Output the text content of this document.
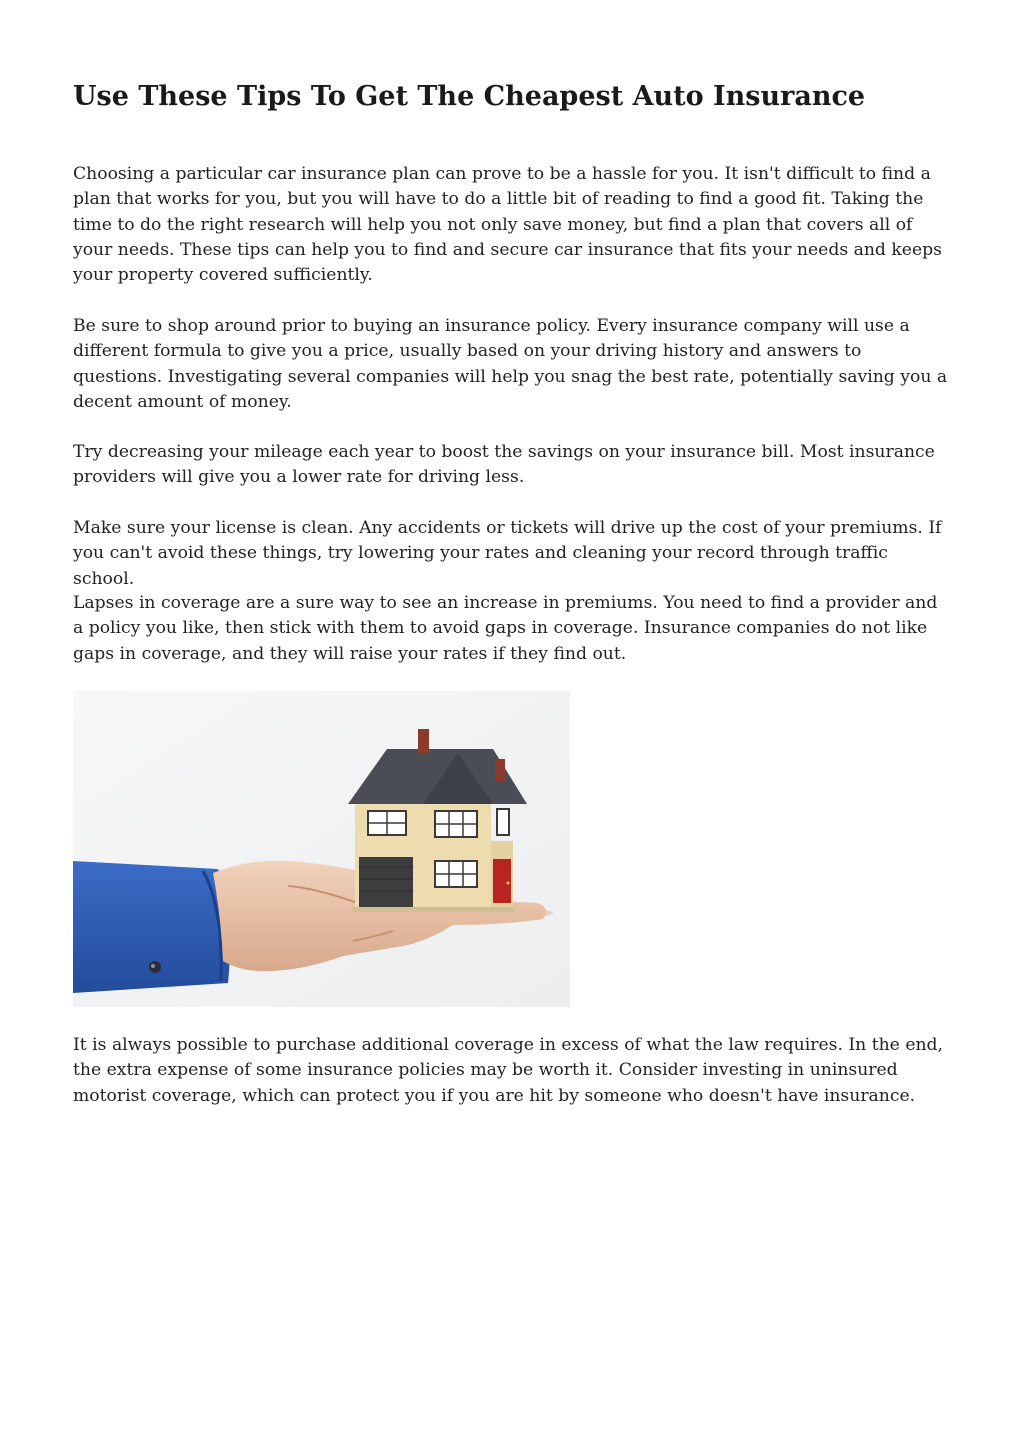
Use These Tips To Get The Cheapest Auto Insurance

Choosing a particular car insurance plan can prove to be a hassle for you. It isn't difficult to find a plan that works for you, but you will have to do a little bit of reading to find a good fit. Taking the time to do the right research will help you not only save money, but find a plan that covers all of your needs. These tips can help you to find and secure car insurance that fits your needs and keeps your property covered sufficiently.

Be sure to shop around prior to buying an insurance policy. Every insurance company will use a different formula to give you a price, usually based on your driving history and answers to questions. Investigating several companies will help you snag the best rate, potentially saving you a decent amount of money.

Try decreasing your mileage each year to boost the savings on your insurance bill. Most insurance providers will give you a lower rate for driving less.

Make sure your license is clean. Any accidents or tickets will drive up the cost of your premiums. If you can't avoid these things, try lowering your rates and cleaning your record through traffic school.

Lapses in coverage are a sure way to see an increase in premiums. You need to find a provider and a policy you like, then stick with them to avoid gaps in coverage. Insurance companies do not like gaps in coverage, and they will raise your rates if they find out.

It is always possible to purchase additional coverage in excess of what the law requires. In the end, the extra expense of some insurance policies may be worth it. Consider investing in uninsured motorist coverage, which can protect you if you are hit by someone who doesn't have insurance.
